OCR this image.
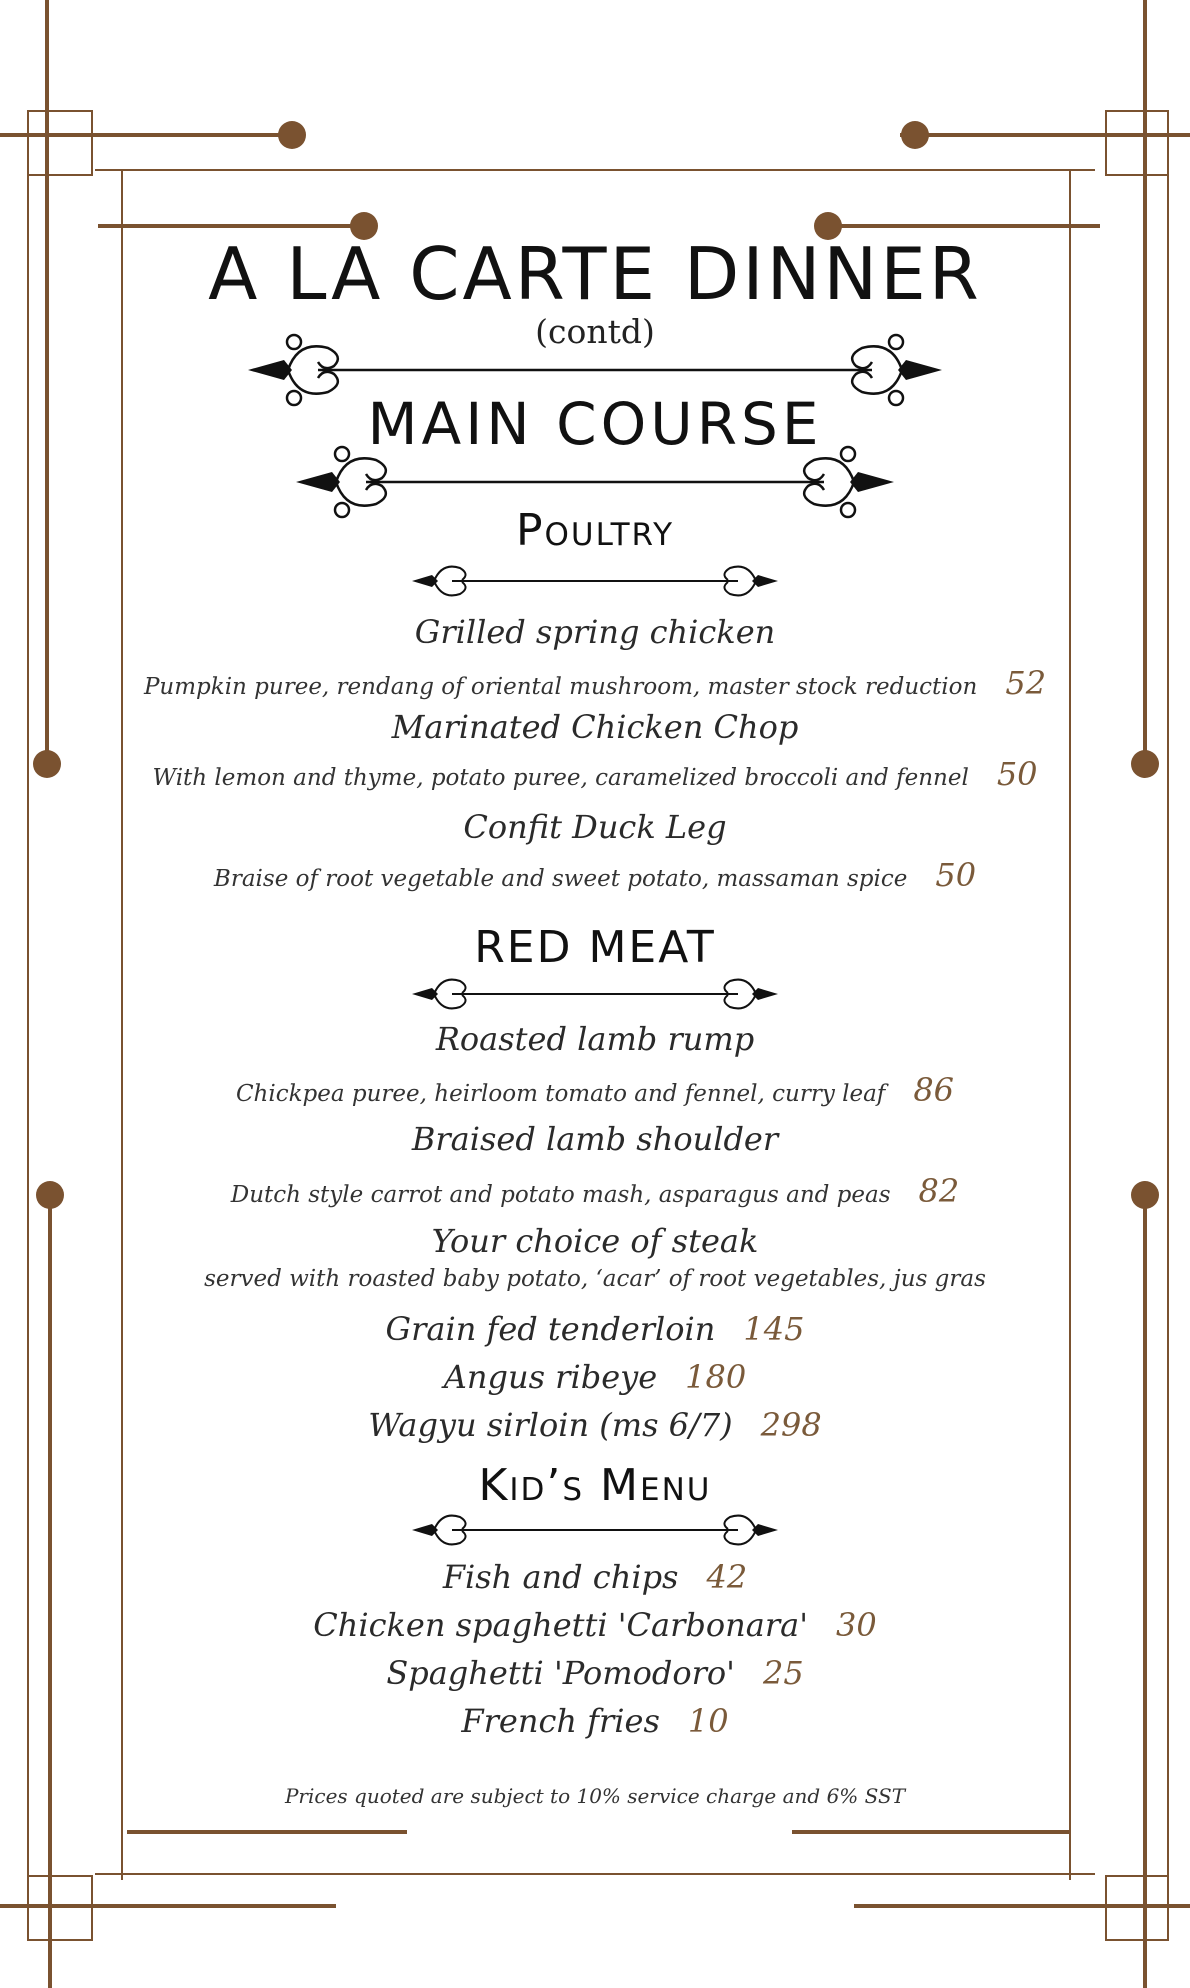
A LA CARTE DINNER
(contd)
MAIN COURSE
Poultry
Grilled spring chicken
Pumpkin puree, rendang of oriental mushroom, master stock reduction 52
Marinated Chicken Chop
With lemon and thyme, potato puree, caramelized broccoli and fennel 50
Confit Duck Leg
Braise of root vegetable and sweet potato, massaman spice 50
RED MEAT
Roasted lamb rump
Chickpea puree, heirloom tomato and fennel, curry leaf 86
Braised lamb shoulder
Dutch style carrot and potato mash, asparagus and peas 82
Your choice of steak
served with roasted baby potato, ‘acar’ of root vegetables, jus gras
Grain fed tenderloin 145
Angus ribeye 180
Wagyu sirloin (ms 6/7) 298
Kid’s Menu
Fish and chips 42
Chicken spaghetti 'Carbonara' 30
Spaghetti 'Pomodoro' 25
French fries 10
Prices quoted are subject to 10% service charge and 6% SST
